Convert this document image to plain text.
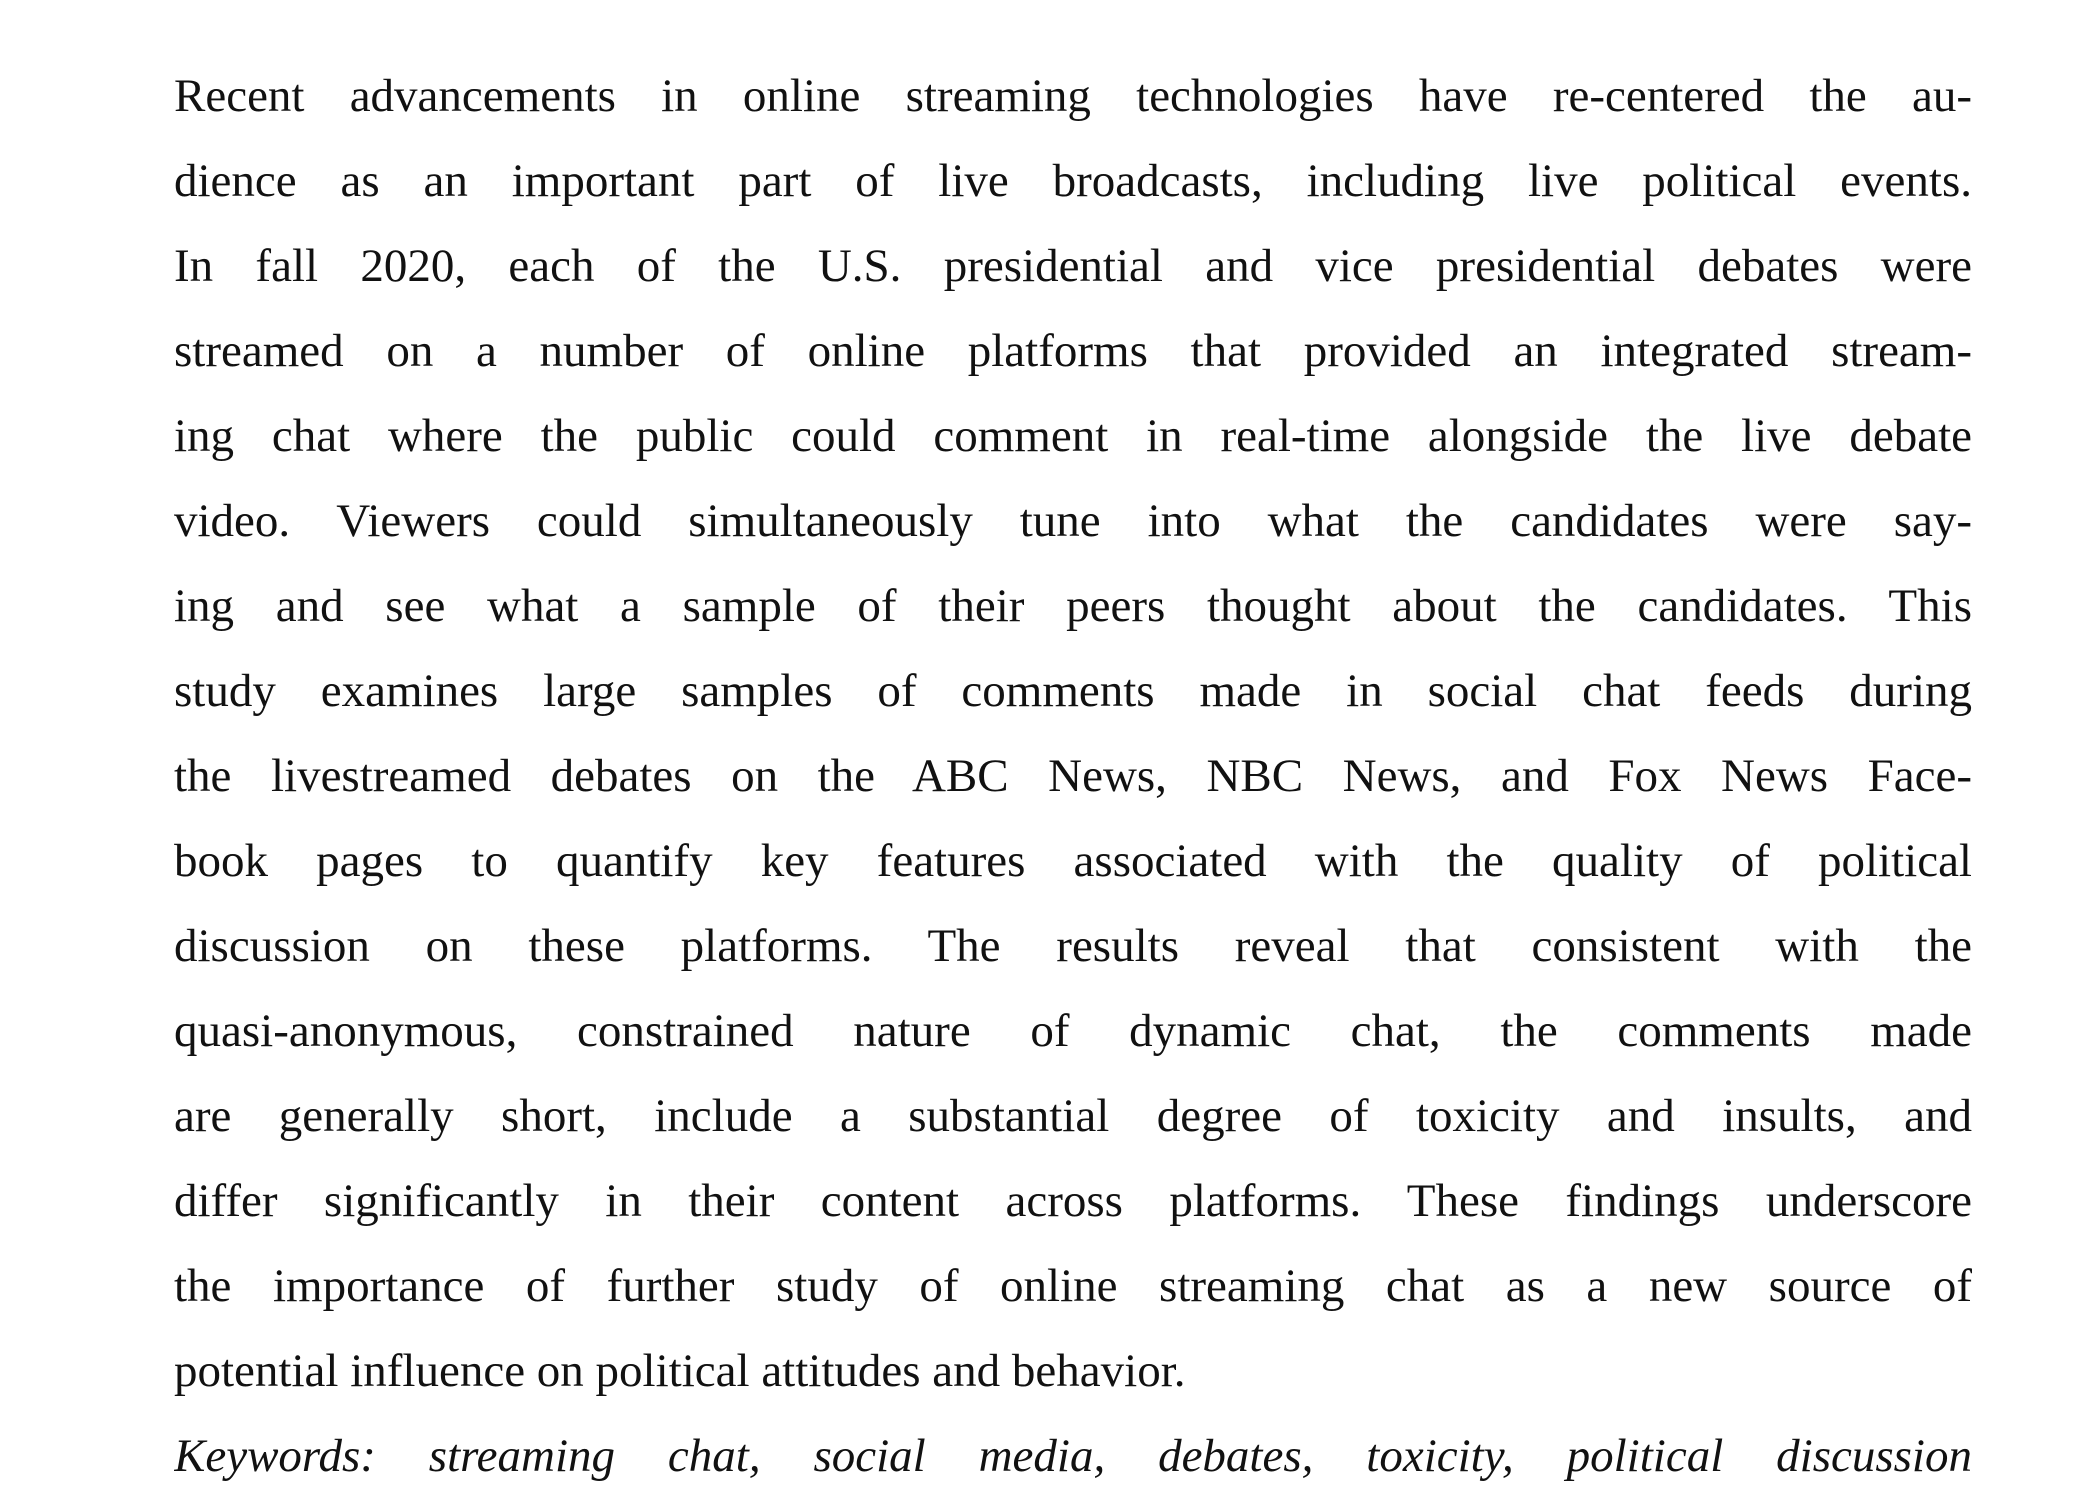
Recent advancements in online streaming technologies have re-centered the au-
dience as an important part of live broadcasts, including live political events.
In fall 2020, each of the U.S. presidential and vice presidential debates were
streamed on a number of online platforms that provided an integrated stream-
ing chat where the public could comment in real-time alongside the live debate
video. Viewers could simultaneously tune into what the candidates were say-
ing and see what a sample of their peers thought about the candidates. This
study examines large samples of comments made in social chat feeds during
the livestreamed debates on the ABC News, NBC News, and Fox News Face-
book pages to quantify key features associated with the quality of political
discussion on these platforms. The results reveal that consistent with the
quasi-anonymous, constrained nature of dynamic chat, the comments made
are generally short, include a substantial degree of toxicity and insults, and
differ significantly in their content across platforms. These findings underscore
the importance of further study of online streaming chat as a new source of
potential influence on political attitudes and behavior.
Keywords: streaming chat, social media, debates, toxicity, political discussion
